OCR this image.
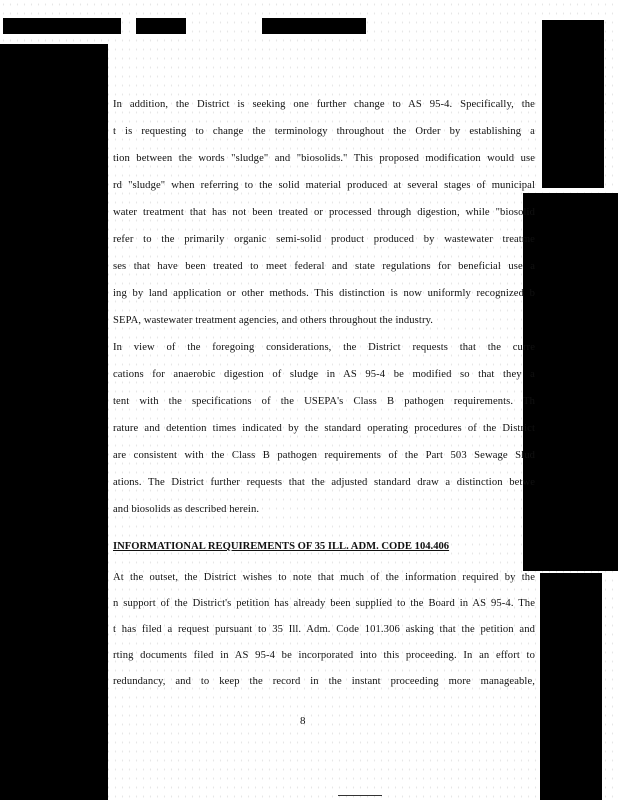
In addition, the District is seeking one further change to AS 95-4. Specifically, the
t is requesting to change the terminology throughout the Order by establishing a
tion between the words "sludge" and "biosolids." This proposed modification would use
rd "sludge" when referring to the solid material produced at several stages of municipal
water treatment that has not been treated or processed through digestion, while "biosolid
refer to the primarily organic semi-solid product produced by wastewater treatme
ses that have been treated to meet federal and state regulations for beneficial use a
ing by land application or other methods. This distinction is now uniformly recognized b
SEPA, wastewater treatment agencies, and others throughout the industry.
In view of the foregoing considerations, the District requests that the curre
cations for anaerobic digestion of sludge in AS 95-4 be modified so that they a
tent with the specifications of the USEPA's Class B pathogen requirements. Th
rature and detention times indicated by the standard operating procedures of the District
are consistent with the Class B pathogen requirements of the Part 503 Sewage Slud
ations. The District further requests that the adjusted standard draw a distinction betwe
and biosolids as described herein.
INFORMATIONAL REQUIREMENTS OF 35 ILL. ADM. CODE 104.406
At the outset, the District wishes to note that much of the information required by the
n support of the District's petition has already been supplied to the Board in AS 95-4. The
t has filed a request pursuant to 35 Ill. Adm. Code 101.306 asking that the petition and
rting documents filed in AS 95-4 be incorporated into this proceeding. In an effort to
redundancy, and to keep the record in the instant proceeding more manageable,
8
